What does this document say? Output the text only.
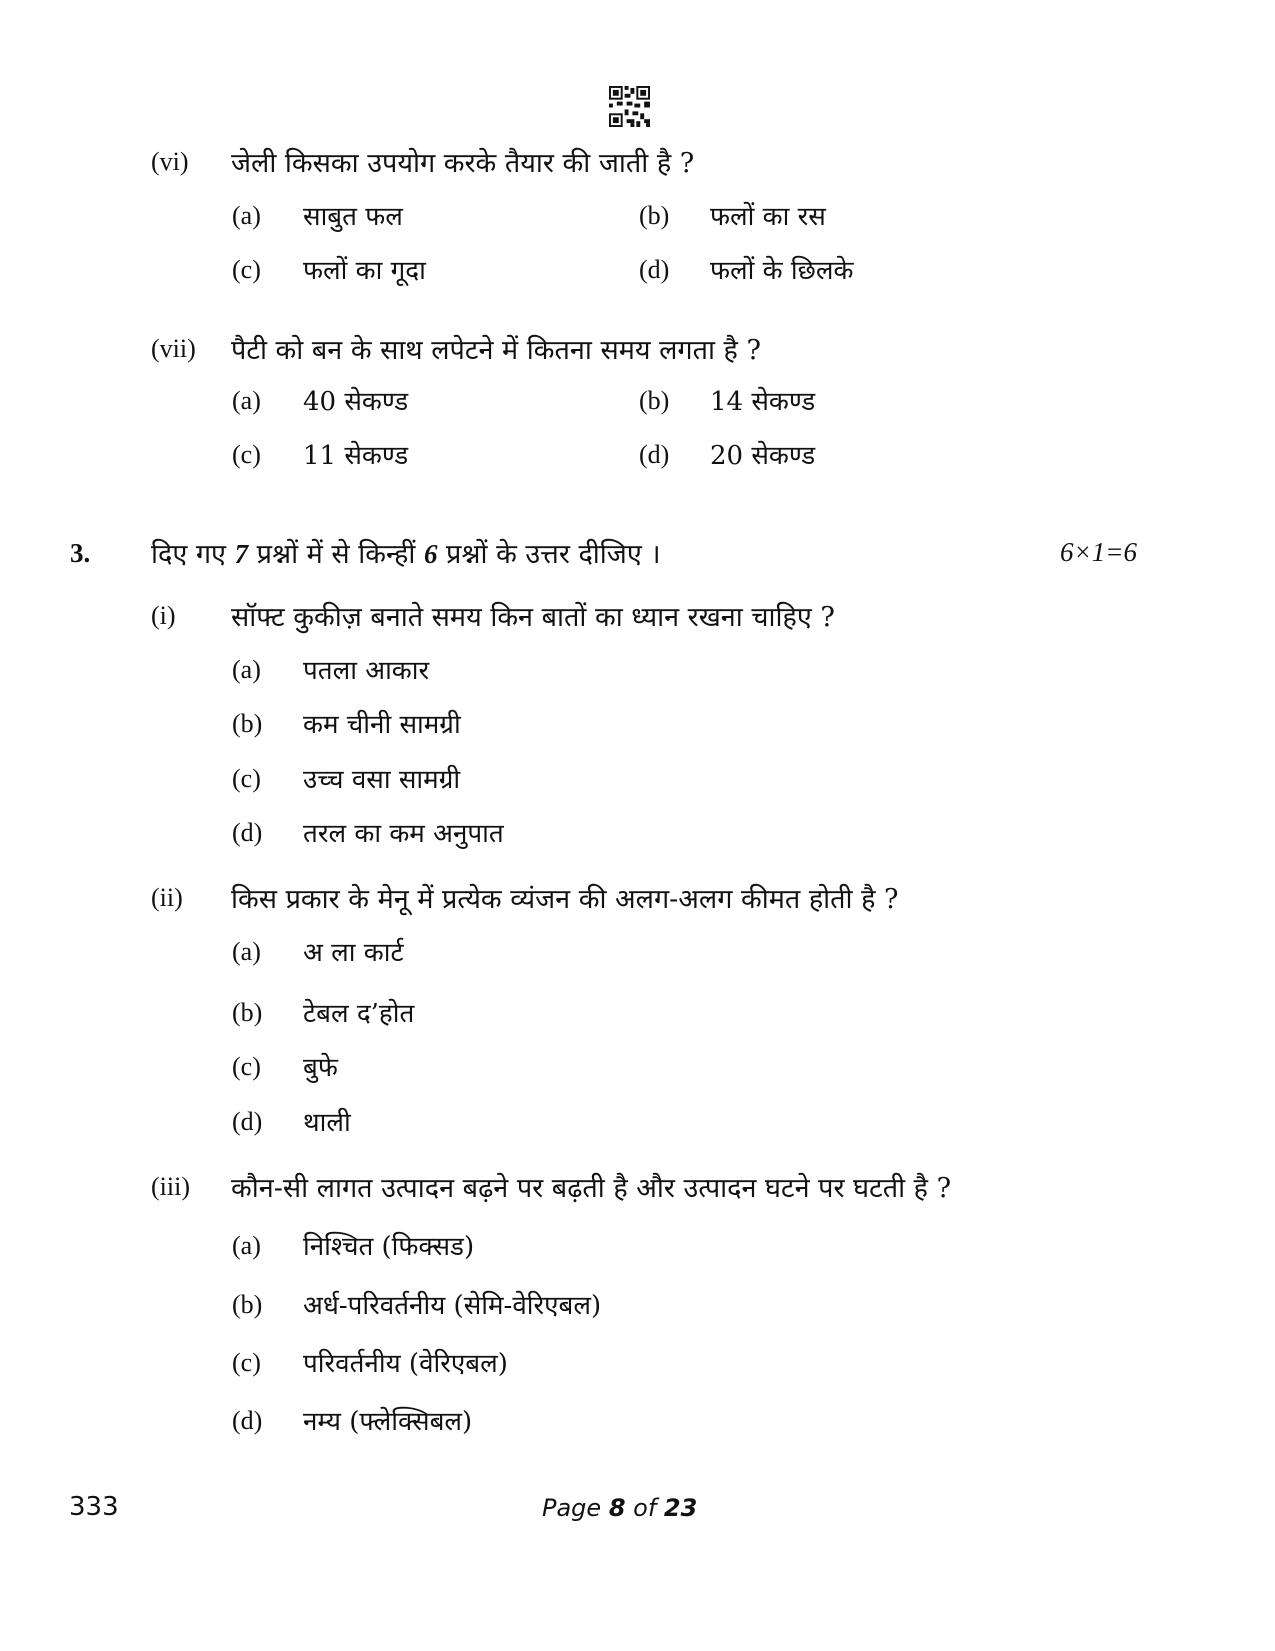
(vi) जेली किसका उपयोग करके तैयार की जाती है ?
(a) साबुत फल	(b) फलों का रस
(c) फलों का गूदा	(d) फलों के छिलके
(vii) पैटी को बन के साथ लपेटने में कितना समय लगता है ?
(a) 40 सेकण्ड	(b) 14 सेकण्ड
(c) 11 सेकण्ड	(d) 20 सेकण्ड
3. दिए गए 7 प्रश्नों में से किन्हीं 6 प्रश्नों के उत्तर दीजिए ।	6×1=6
(i) सॉफ्ट कुकीज़ बनाते समय किन बातों का ध्यान रखना चाहिए ?
(a) पतला आकार
(b) कम चीनी सामग्री
(c) उच्च वसा सामग्री
(d) तरल का कम अनुपात
(ii) किस प्रकार के मेनू में प्रत्येक व्यंजन की अलग-अलग कीमत होती है ?
(a) अ ला कार्ट
(b) टेबल द’होत
(c) बुफे
(d) थाली
(iii) कौन-सी लागत उत्पादन बढ़ने पर बढ़ती है और उत्पादन घटने पर घटती है ?
(a) निश्चित (फिक्सड)
(b) अर्ध-परिवर्तनीय (सेमि-वेरिएबल)
(c) परिवर्तनीय (वेरिएबल)
(d) नम्य (फ्लेक्सिबल)
333	Page 8 of 23
